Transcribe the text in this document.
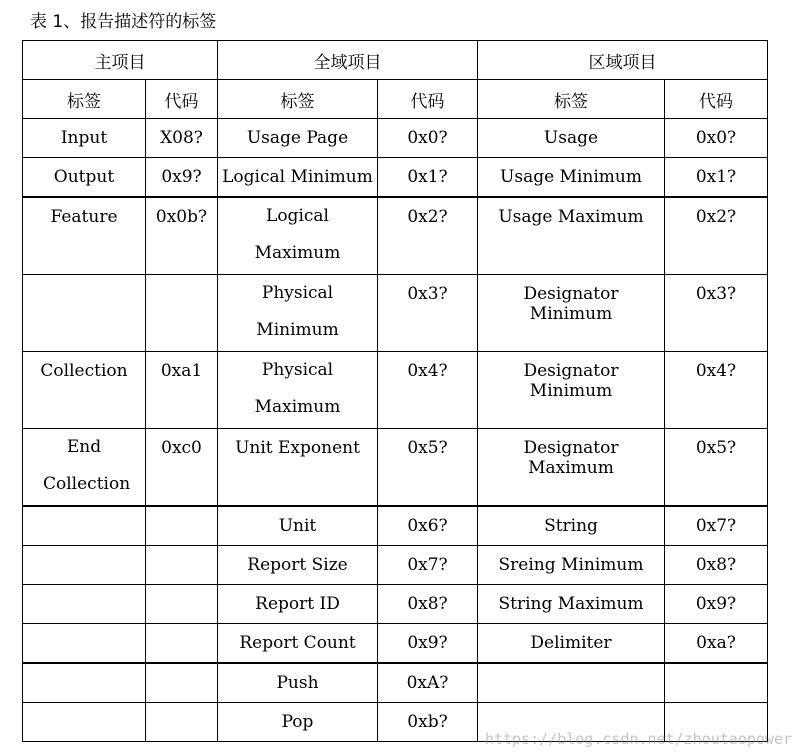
表 1、报告描述符的标签
主项目		全域项目		区域项目	
标签	代码	标签	代码	标签	代码
Input	X08?	Usage Page	0x0?	Usage	0x0?
Output	0x9?	Logical Minimum	0x1?	Usage Minimum	0x1?
Feature	0x0b?	Logical Maximum	0x2?	Usage Maximum	0x2?

		Physical Minimum	0x3?	Designator Minimum	0x3?
Collection	0xa1	Physical Maximum	0x4?	Designator Minimum	0x4?

End Collection	0xc0	Unit Exponent	0x5?	Designator Maximum	0x5?
		Unit	0x6?	String	0x7?
		Report Size	0x7?	Sreing Minimum	0x8?
		Report ID	0x8?	String Maximum	0x9?
		Report Count	0x9?	Delimiter	0xa?
		Push	0xA?		
		Pop	0xb?		
https://blog.csdn.net/zhoutaopower
